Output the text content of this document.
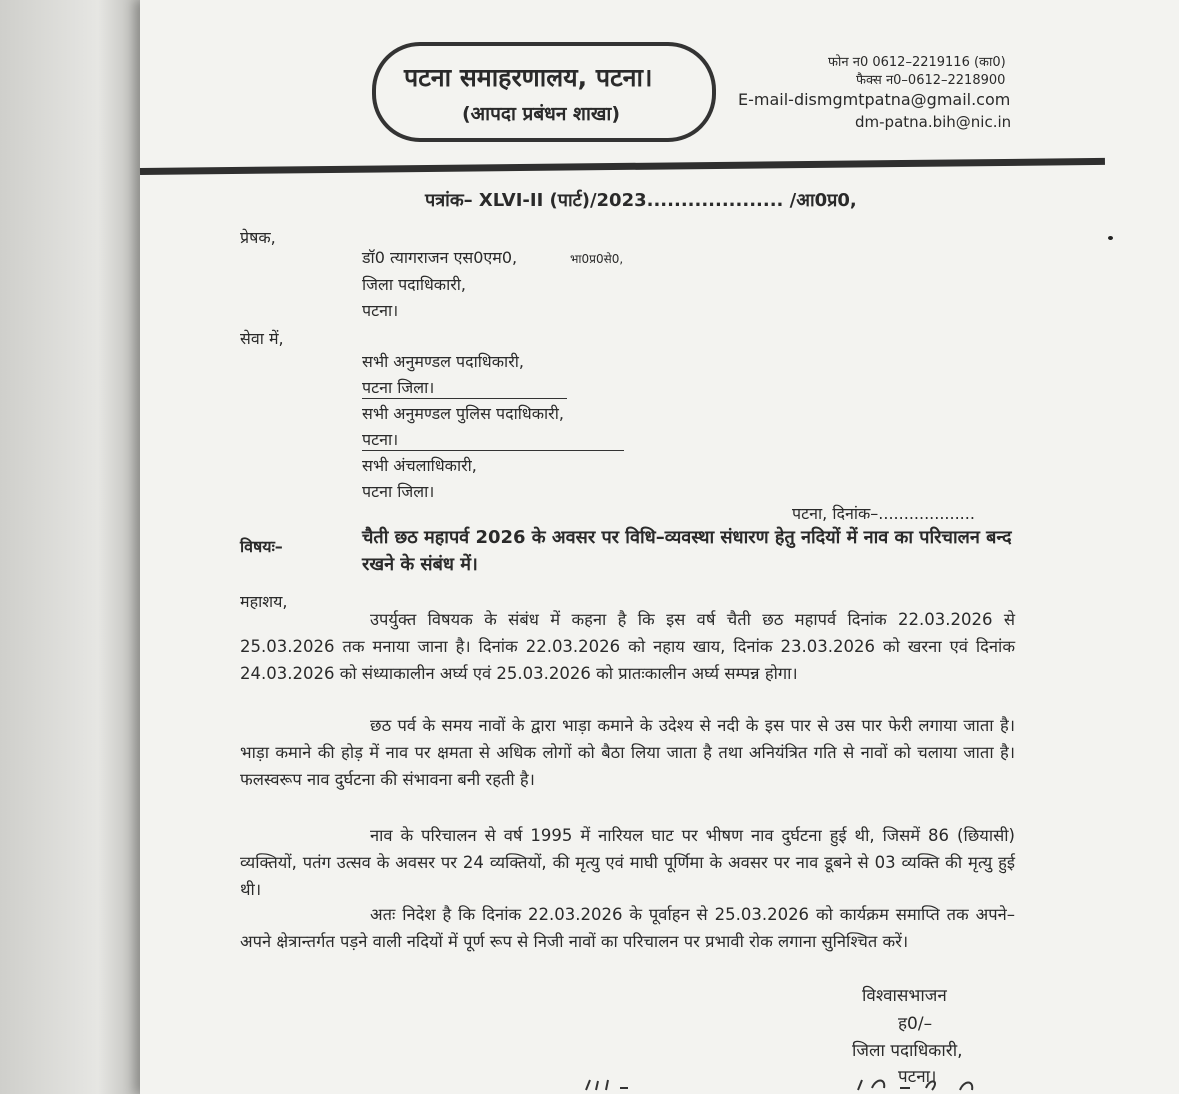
पटना समाहरणालय, पटना।
(आपदा प्रबंधन शाखा)
फोन न0 0612–2219116 (का0)
फैक्स न0–0612–2218900
E-mail-dismgmtpatna@gmail.com
dm-patna.bih@nic.in
पत्रांक– XLVI-II (पार्ट)/2023.................... /आ0प्र0,
प्रेषक,
डॉ0 त्यागराजन एस0एम0,	भा0प्र0से0,
जिला पदाधिकारी,
पटना।
सेवा में,
सभी अनुमण्डल पदाधिकारी,
पटना जिला।
सभी अनुमण्डल पुलिस पदाधिकारी,
पटना।
सभी अंचलाधिकारी,
पटना जिला।
पटना, दिनांक–...................
विषयः–	चैती छठ महापर्व 2026 के अवसर पर विधि–व्यवस्था संधारण हेतु नदियों में नाव का परिचालन बन्द रखने के संबंध में।
महाशय,
उपर्युक्त विषयक के संबंध में कहना है कि इस वर्ष चैती छठ महापर्व दिनांक 22.03.2026 से 25.03.2026 तक मनाया जाना है। दिनांक 22.03.2026 को नहाय खाय, दिनांक 23.03.2026 को खरना एवं दिनांक 24.03.2026 को संध्याकालीन अर्घ्य एवं 25.03.2026 को प्रातःकालीन अर्घ्य सम्पन्न होगा।
छठ पर्व के समय नावों के द्वारा भाड़ा कमाने के उदेश्य से नदी के इस पार से उस पार फेरी लगाया जाता है। भाड़ा कमाने की होड़ में नाव पर क्षमता से अधिक लोगों को बैठा लिया जाता है तथा अनियंत्रित गति से नावों को चलाया जाता है। फलस्वरूप नाव दुर्घटना की संभावना बनी रहती है।
नाव के परिचालन से वर्ष 1995 में नारियल घाट पर भीषण नाव दुर्घटना हुई थी, जिसमें 86 (छियासी) व्यक्तियों, पतंग उत्सव के अवसर पर 24 व्यक्तियों, की मृत्यु एवं माघी पूर्णिमा के अवसर पर नाव डूबने से 03 व्यक्ति की मृत्यु हुई थी।
अतः निदेश है कि दिनांक 22.03.2026 के पूर्वाहन से 25.03.2026 को कार्यक्रम समाप्ति तक अपने–अपने क्षेत्रान्तर्गत पड़ने वाली नदियों में पूर्ण रूप से निजी नावों का परिचालन पर प्रभावी रोक लगाना सुनिश्चित करें।
विश्वासभाजन
ह0/–
जिला पदाधिकारी,
पटना।
